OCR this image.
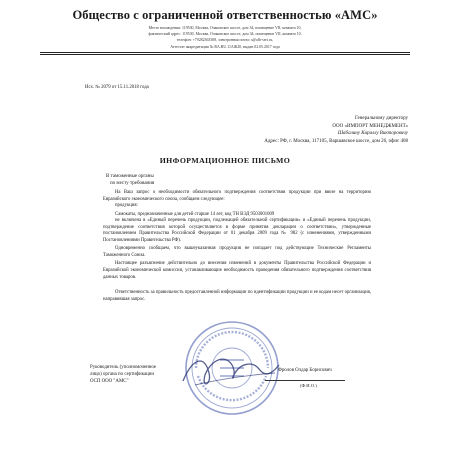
Общество с ограниченной ответственностью «АМС»
Место нахождения: 119530, Москва, Очаковское шоссе, дом 34, помещение VII, комната 10,
фактический адрес: 119530, Москва, Очаковское шоссе, дом 34, помещение VII, комната 10,
телефон: +79282363508, электронная почта: s@afh-sert.ru,
Аттестат аккредитации № RA.RU.11АЖ20, выдан 02.05.2017 года
Исх. № 2079 от 15.11.2018 года
Генеральному директору
ООО «ИМПОРТ МЕНЕДЖМЕНТ»
Шабалину Кириллу Викторовичу
Адрес: РФ, г. Москва, 117105, Варшавское шоссе, дом 26, офис 408
ИНФОРМАЦИОННОЕ ПИСЬМО
В таможенные органы
по месту требования

На Ваш запрос о необходимости обязательного подтверждения соответствия продукции при ввозе на территорию Евразийского экономического союза, сообщаем следующее:

продукция:

Самокаты, предназначенные для детей старше 14 лет, код ТН ВЭД 9503001009

не включена в «Единый перечень продукции, подлежащей обязательной сертификации» и «Единый перечень продукции, подтверждение соответствия которой осуществляется в форме принятия декларации о соответствии», утвержденные постановлением Правительства Российской Федерации от 01 декабря 2009 года № 982 (с изменениями, утвержденными Постановлениями Правительства РФ).

Одновременно сообщаем, что вышеуказанная продукция не попадает под действующие Технические Регламенты Таможенного Союза.

Настоящее разъяснение действительно до внесения изменений в документы Правительства Российской Федерации и Евразийской экономической комиссии, устанавливающие необходимость проведения обязательного подтверждения соответствия данных товаров.

Ответственность за правильность предоставленной информации по идентификации продукции и ее кодам несет организация, направившая запрос.

Руководитель (уполномоченное
лицо) органа по сертификации
ОСП ООО "АМС"
Фролов Олдар Борисович
(Ф.И.О.)
